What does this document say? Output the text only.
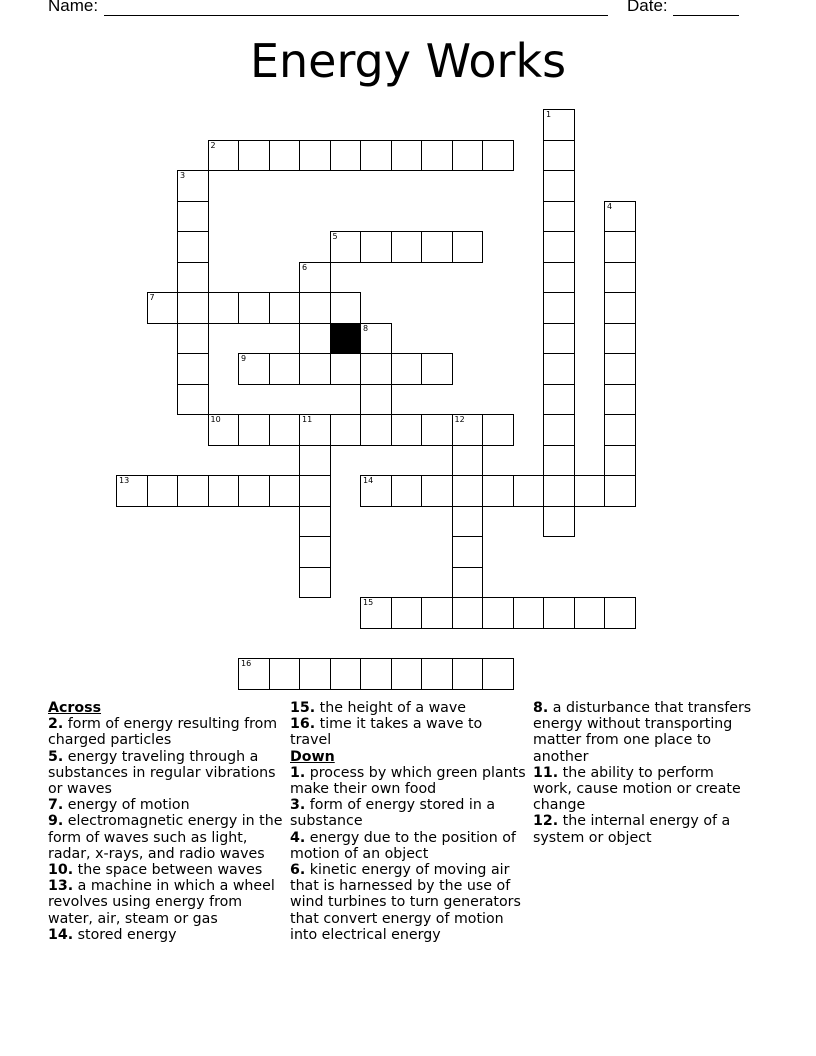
Name:	Date:
Energy Works
1
2
3
4
5
6
7
9
10	11	12
13	14
15
16
8
Across
2. form of energy resulting from charged particles
5. energy traveling through a substances in regular vibrations or waves
7. energy of motion
9. electromagnetic energy in the form of waves such as light, radar, x-rays, and radio waves
10. the space between waves
13. a machine in which a wheel revolves using energy from water, air, steam or gas
14. stored energy
15. the height of a wave
16. time it takes a wave to travel
Down
1. process by which green plants make their own food
3. form of energy stored in a substance
4. energy due to the position of motion of an object
6. kinetic energy of moving air that is harnessed by the use of wind turbines to turn generators that convert energy of motion into electrical energy
8. a disturbance that transfers energy without transporting matter from one place to another
11. the ability to perform work, cause motion or create change
12. the internal energy of a system or object
